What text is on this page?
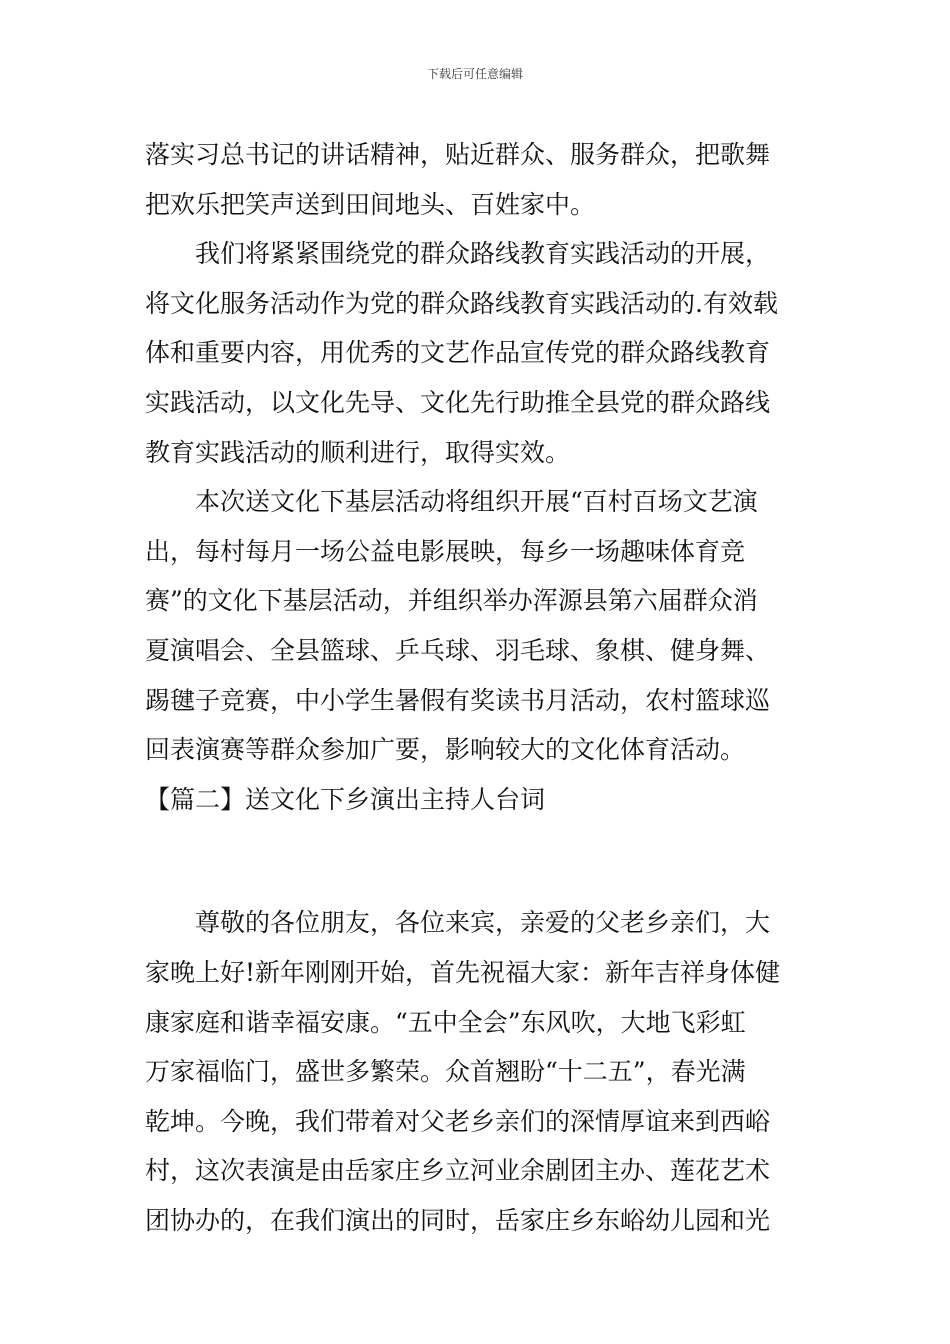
下载后可任意编辑

落实习总书记的讲话精神，贴近群众、服务群众，把歌舞

把欢乐把笑声送到田间地头、百姓家中。

我们将紧紧围绕党的群众路线教育实践活动的开展，

将文化服务活动作为党的群众路线教育实践活动的.有效载

体和重要内容，用优秀的文艺作品宣传党的群众路线教育

实践活动，以文化先导、文化先行助推全县党的群众路线

教育实践活动的顺利进行，取得实效。

本次送文化下基层活动将组织开展“百村百场文艺演

出，每村每月一场公益电影展映，每乡一场趣味体育竞

赛”的文化下基层活动，并组织举办浑源县第六届群众消

夏演唱会、全县篮球、乒乓球、羽毛球、象棋、健身舞、

踢毽子竞赛，中小学生暑假有奖读书月活动，农村篮球巡

回表演赛等群众参加广要，影响较大的文化体育活动。

【篇二】送文化下乡演出主持人台词

尊敬的各位朋友，各位来宾，亲爱的父老乡亲们，大

家晚上好!新年刚刚开始，首先祝福大家：新年吉祥身体健

康家庭和谐幸福安康。“五中全会”东风吹，大地飞彩虹

万家福临门，盛世多繁荣。众首翘盼“十二五”，春光满

乾坤。今晚，我们带着对父老乡亲们的深情厚谊来到西峪

村，这次表演是由岳家庄乡立河业余剧团主办、莲花艺术

团协办的，在我们演出的同时，岳家庄乡东峪幼儿园和光
